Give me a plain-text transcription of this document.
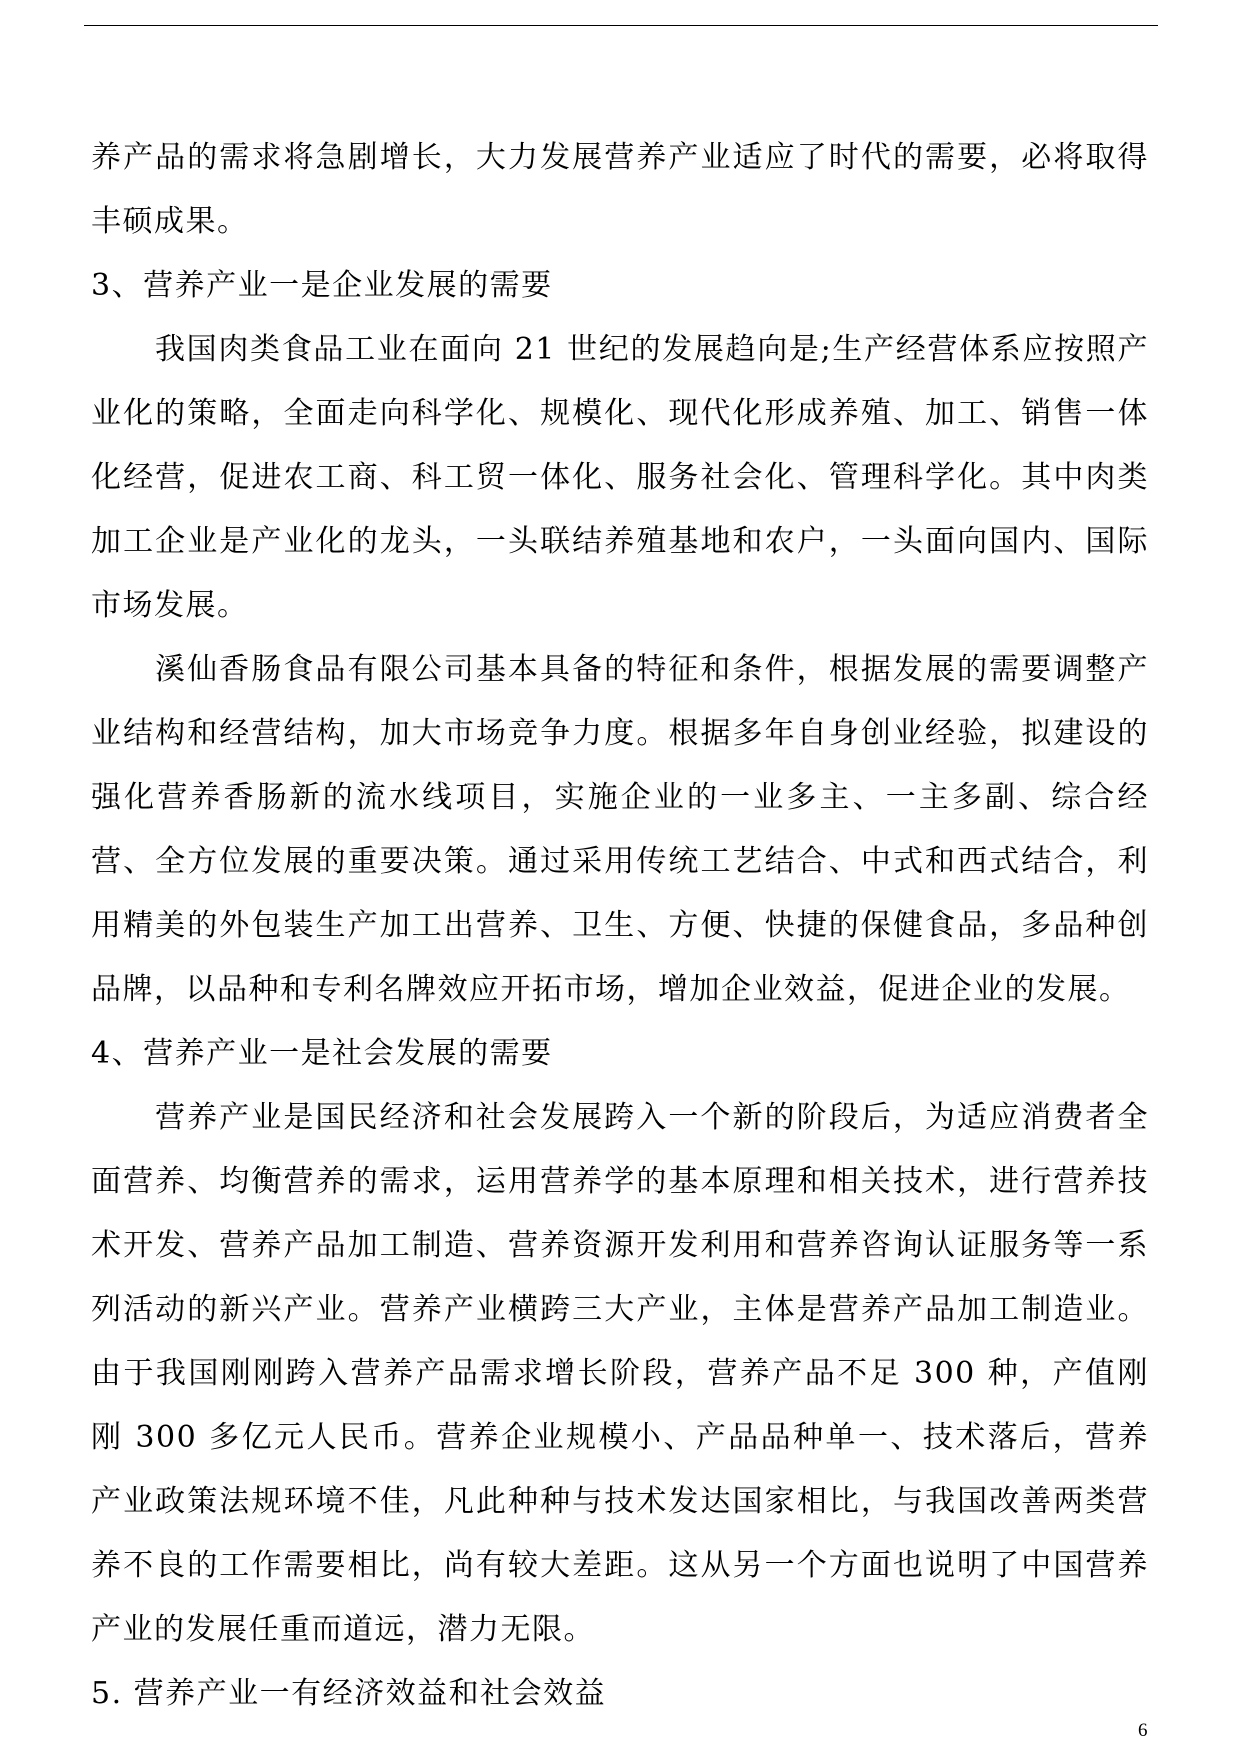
养产品的需求将急剧增长，大力发展营养产业适应了时代的需要，必将取得丰硕成果。

3、营养产业一是企业发展的需要

我国肉类食品工业在面向 21 世纪的发展趋向是;生产经营体系应按照产业化的策略，全面走向科学化、规模化、现代化形成养殖、加工、销售一体化经营，促进农工商、科工贸一体化、服务社会化、管理科学化。其中肉类加工企业是产业化的龙头，一头联结养殖基地和农户，一头面向国内、国际市场发展。

溪仙香肠食品有限公司基本具备的特征和条件，根据发展的需要调整产业结构和经营结构，加大市场竞争力度。根据多年自身创业经验，拟建设的强化营养香肠新的流水线项目，实施企业的一业多主、一主多副、综合经营、全方位发展的重要决策。通过采用传统工艺结合、中式和西式结合，利用精美的外包装生产加工出营养、卫生、方便、快捷的保健食品，多品种创品牌，以品种和专利名牌效应开拓市场，增加企业效益，促进企业的发展。

4、营养产业一是社会发展的需要

营养产业是国民经济和社会发展跨入一个新的阶段后，为适应消费者全面营养、均衡营养的需求，运用营养学的基本原理和相关技术，进行营养技术开发、营养产品加工制造、营养资源开发利用和营养咨询认证服务等一系列活动的新兴产业。营养产业横跨三大产业，主体是营养产品加工制造业。由于我国刚刚跨入营养产品需求增长阶段，营养产品不足 300 种，产值刚刚 300 多亿元人民币。营养企业规模小、产品品种单一、技术落后，营养产业政策法规环境不佳，凡此种种与技术发达国家相比，与我国改善两类营养不良的工作需要相比，尚有较大差距。这从另一个方面也说明了中国营养产业的发展任重而道远，潜力无限。

5. 营养产业一有经济效益和社会效益

6
